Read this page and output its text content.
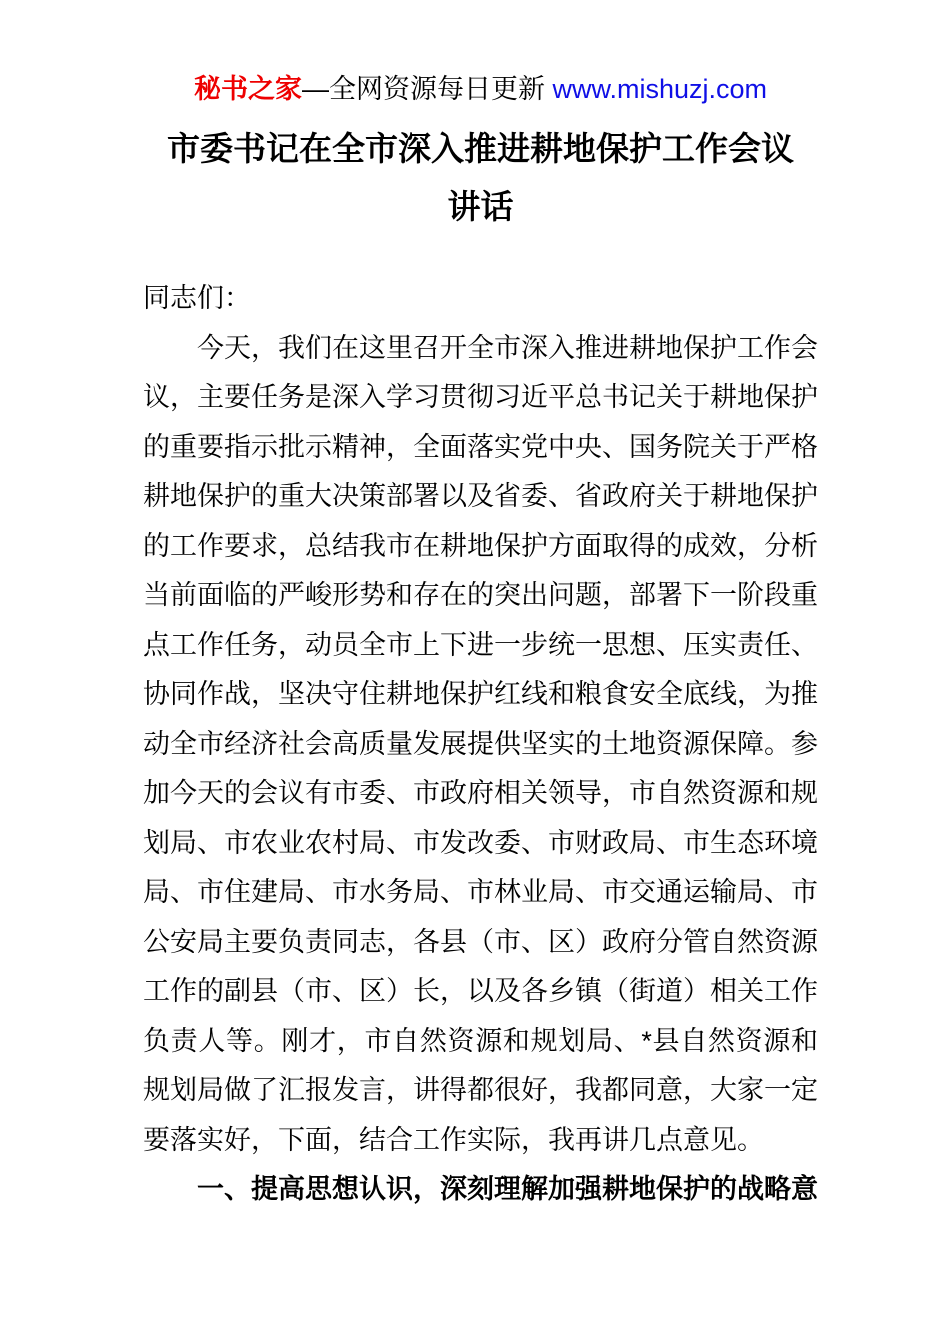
秘书之家—全网资源每日更新 www.mishuzj.com
市委书记在全市深入推进耕地保护工作会议
讲话

同志们：

今天，我们在这里召开全市深入推进耕地保护工作会议，主要任务是深入学习贯彻习近平总书记关于耕地保护的重要指示批示精神，全面落实党中央、国务院关于严格耕地保护的重大决策部署以及省委、省政府关于耕地保护的工作要求，总结我市在耕地保护方面取得的成效，分析当前面临的严峻形势和存在的突出问题，部署下一阶段重点工作任务，动员全市上下进一步统一思想、压实责任、协同作战，坚决守住耕地保护红线和粮食安全底线，为推动全市经济社会高质量发展提供坚实的土地资源保障。参加今天的会议有市委、市政府相关领导，市自然资源和规划局、市农业农村局、市发改委、市财政局、市生态环境局、市住建局、市水务局、市林业局、市交通运输局、市公安局主要负责同志，各县（市、区）政府分管自然资源工作的副县（市、区）长，以及各乡镇（街道）相关工作负责人等。刚才，市自然资源和规划局、*县自然资源和规划局做了汇报发言，讲得都很好，我都同意，大家一定要落实好，下面，结合工作实际，我再讲几点意见。

一、提高思想认识，深刻理解加强耕地保护的战略意
